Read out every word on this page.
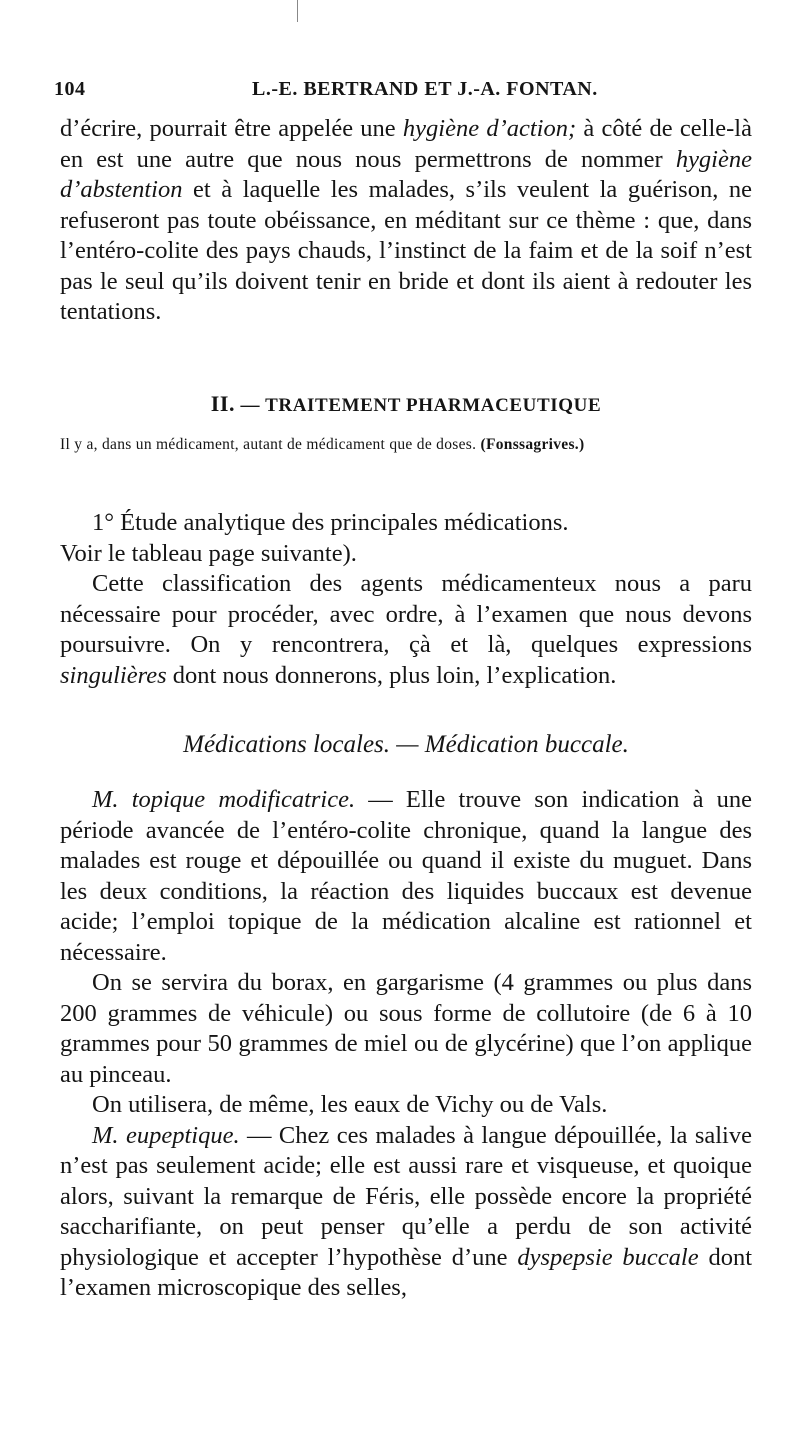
104	L.-E. BERTRAND ET J.-A. FONTAN.

d’écrire, pourrait être appelée une hygiène d’action; à côté de celle-là en est une autre que nous nous permettrons de nommer hygiène d’abstention et à laquelle les malades, s’ils veulent la guérison, ne refuseront pas toute obéissance, en méditant sur ce thème : que, dans l’entéro-colite des pays chauds, l’instinct de la faim et de la soif n’est pas le seul qu’ils doivent tenir en bride et dont ils aient à redouter les tentations.

II. — TRAITEMENT PHARMACEUTIQUE
Il y a, dans un médicament, autant de médicament que de doses. (Fonssagrives.)

1° Étude analytique des principales médications.

Voir le tableau page suivante).

Cette classification des agents médicamenteux nous a paru nécessaire pour procéder, avec ordre, à l’examen que nous devons poursuivre. On y rencontrera, çà et là, quelques expressions singulières dont nous donnerons, plus loin, l’explication.

Médications locales. — Médication buccale.

M. topique modificatrice. — Elle trouve son indication à une période avancée de l’entéro-colite chronique, quand la langue des malades est rouge et dépouillée ou quand il existe du muguet. Dans les deux conditions, la réaction des liquides buccaux est devenue acide; l’emploi topique de la médication alcaline est rationnel et nécessaire.

On se servira du borax, en gargarisme (4 grammes ou plus dans 200 grammes de véhicule) ou sous forme de collutoire (de 6 à 10 grammes pour 50 grammes de miel ou de glycérine) que l’on applique au pinceau.

On utilisera, de même, les eaux de Vichy ou de Vals.

M. eupeptique. — Chez ces malades à langue dépouillée, la salive n’est pas seulement acide; elle est aussi rare et visqueuse, et quoique alors, suivant la remarque de Féris, elle possède encore la propriété saccharifiante, on peut penser qu’elle a perdu de son activité physiologique et accepter l’hypothèse d’une dyspepsie buccale dont l’examen microscopique des selles,
